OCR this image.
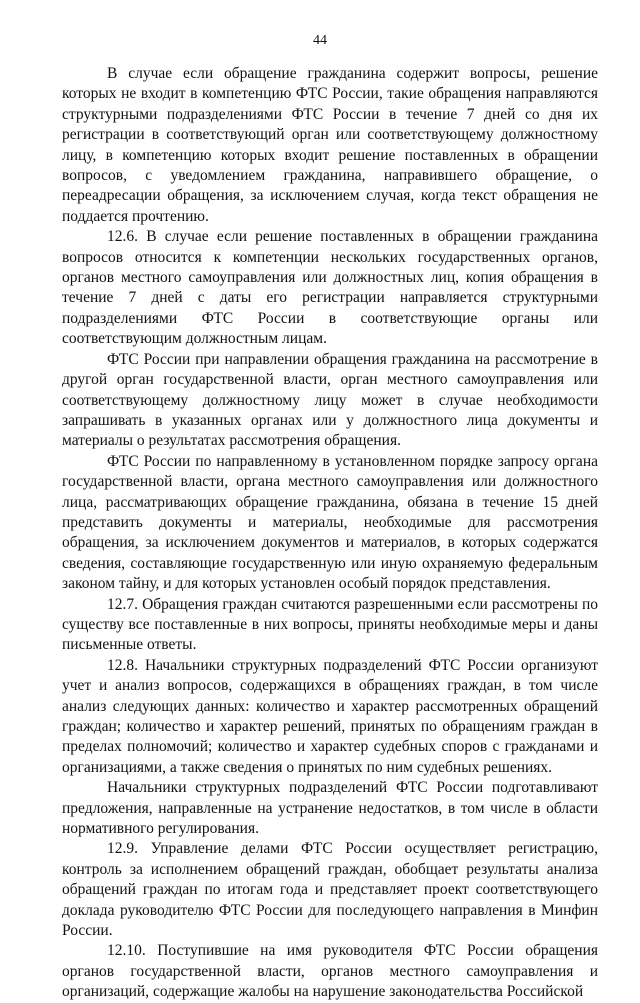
44

В случае если обращение гражданина содержит вопросы, решение которых не входит в компетенцию ФТС России, такие обращения направляются структурными подразделениями ФТС России в течение 7 дней со дня их регистрации в соответствующий орган или соответствующему должностному лицу, в компетенцию которых входит решение поставленных в обращении вопросов, с уведомлением гражданина, направившего обращение, о переадресации обращения, за исключением случая, когда текст обращения не поддается прочтению.

12.6. В случае если решение поставленных в обращении гражданина вопросов относится к компетенции нескольких государственных органов, органов местного самоуправления или должностных лиц, копия обращения в течение 7 дней с даты его регистрации направляется структурными подразделениями ФТС России в соответствующие органы или соответствующим должностным лицам.

ФТС России при направлении обращения гражданина на рассмотрение в другой орган государственной власти, орган местного самоуправления или соответствующему должностному лицу может в случае необходимости запрашивать в указанных органах или у должностного лица документы и материалы о результатах рассмотрения обращения.

ФТС России по направленному в установленном порядке запросу органа государственной власти, органа местного самоуправления или должностного лица, рассматривающих обращение гражданина, обязана в течение 15 дней представить документы и материалы, необходимые для рассмотрения обращения, за исключением документов и материалов, в которых содержатся сведения, составляющие государственную или иную охраняемую федеральным законом тайну, и для которых установлен особый порядок представления.

12.7. Обращения граждан считаются разрешенными если рассмотрены по существу все поставленные в них вопросы, приняты необходимые меры и даны письменные ответы.

12.8. Начальники структурных подразделений ФТС России организуют учет и анализ вопросов, содержащихся в обращениях граждан, в том числе анализ следующих данных: количество и характер рассмотренных обращений граждан; количество и характер решений, принятых по обращениям граждан в пределах полномочий; количество и характер судебных споров с гражданами и организациями, а также сведения о принятых по ним судебных решениях.

Начальники структурных подразделений ФТС России подготавливают предложения, направленные на устранение недостатков, в том числе в области нормативного регулирования.

12.9. Управление делами ФТС России осуществляет регистрацию, контроль за исполнением обращений граждан, обобщает результаты анализа обращений граждан по итогам года и представляет проект соответствующего доклада руководителю ФТС России для последующего направления в Минфин России.

12.10. Поступившие на имя руководителя ФТС России обращения органов государственной власти, органов местного самоуправления и организаций, содержащие жалобы на нарушение законодательства Российской
